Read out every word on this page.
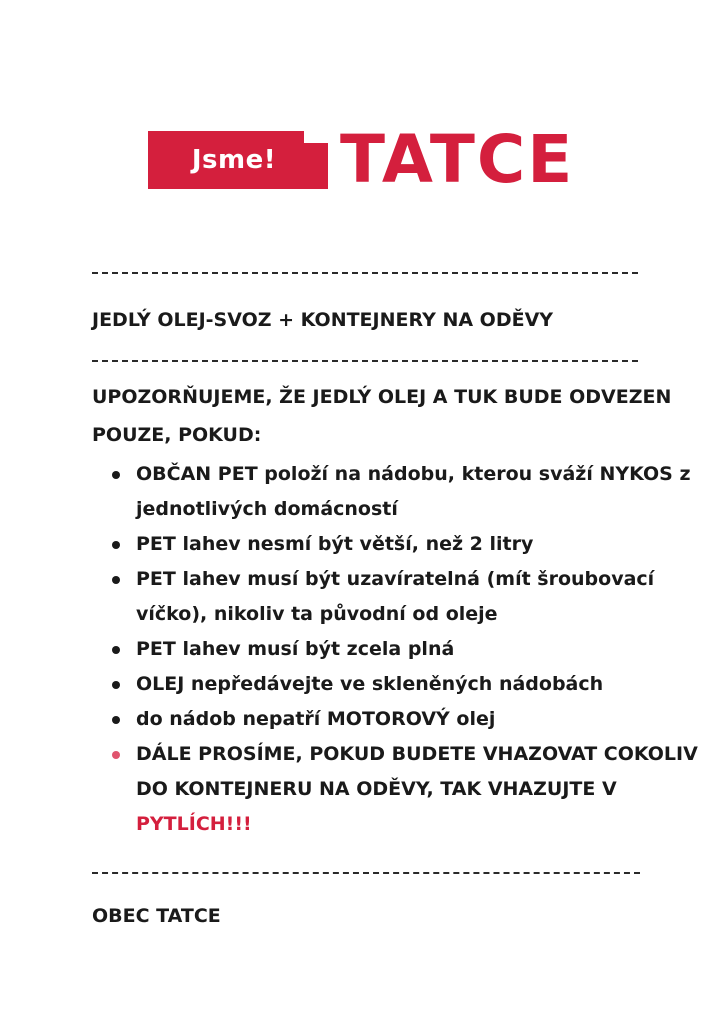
Jsme! TATCE
JEDLÝ OLEJ-SVOZ + KONTEJNERY NA ODĚVY
UPOZORŇUJEME, ŽE JEDLÝ OLEJ A TUK BUDE ODVEZEN POUZE, POKUD:
OBČAN PET položí na nádobu, kterou sváží NYKOS z jednotlivých domácností
PET lahev nesmí být větší, než 2 litry
PET lahev musí být uzavíratelná (mít šroubovací víčko), nikoliv ta původní od oleje
PET lahev musí být zcela plná
OLEJ nepředávejte ve skleněných nádobách
do nádob nepatří MOTOROVÝ olej
DÁLE PROSÍME, POKUD BUDETE VHAZOVAT COKOLIV DO KONTEJNERU NA ODĚVY, TAK VHAZUJTE V PYTLÍCH!!!
OBEC TATCE
